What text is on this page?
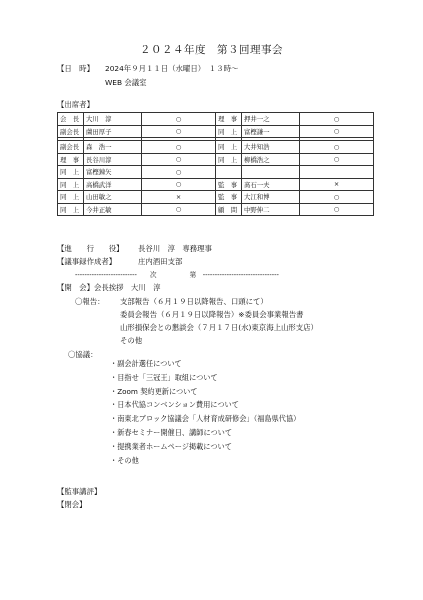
２０２４年度　第３回理事会
【日　時】 2024年９月１１日（水曜日）　１３時～
WEB 会議室
【出席者】
会　長	大川　淳	○	理　事	押井一之	○
副会長	薗田厚子	○	同　上	富樫謙一	○

副会長	森　浩一	○	同　上	大井知浩	○
理　事	長谷川淳	○	同　上	柳橋浩之	○
同　上	富樫錬矢	○			
同　上	高橋武洋	○	監　事	髙石一夫	×
同　上	山田敏之	×	監　事	大江和博	○
同　上	今井正敏	○	顧　問	中野伸二	○
【進　　行　　役】 長谷川　淳　専務理事
【議事録作成者】	庄内酒田支部
--------------------------　　次　　　　　第　--------------------------------
【開　会】会長挨拶　大川　淳
〇報告： 支部報告（６月１９日以降報告、口頭にて）
委員会報告（６月１９日以降報告）※委員会事業報告書
山形損保会との懇談会（７月１７日(水)東京海上山形支店）
その他
〇協議：
・副会計選任について
・目指せ「三冠王」取組について
・Zoom 契約更新について
・日本代協コンベンション費用について
・南東北ブロック協議会「人材育成研修会」（福島県代協）
・新春セミナー開催日、講師について
・提携業者ホームページ掲載について
・その他
【監事講評】
【閉会】
